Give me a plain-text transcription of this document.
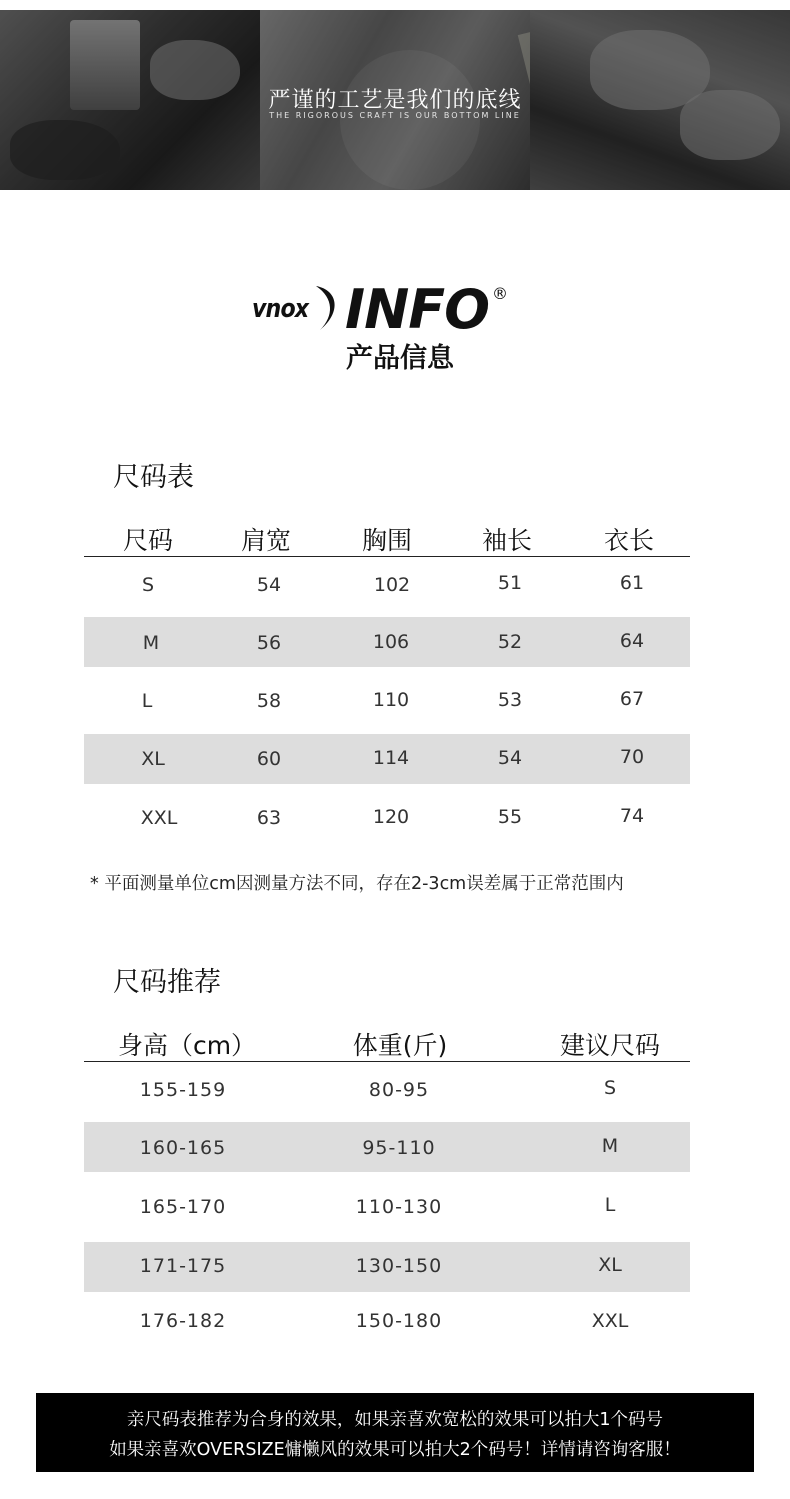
严谨的工艺是我们的底线
THE RIGOROUS CRAFT IS OUR BOTTOM LINE
vnox INFO ®
产品信息
尺码表
尺码	肩宽	胸围	袖长	衣长
S	54	102	51	61
M	56	106	52	64
L	58	110	53	67
XL	60	114	54	70
XXL	63	120	55	74
* 平面测量单位cm因测量方法不同，存在2-3cm误差属于正常范围内
尺码推荐
身高（cm）	体重(斤)	建议尺码
155-159	80-95	S
160-165	95-110	M
165-170	110-130	L
171-175	130-150	XL
176-182	150-180	XXL
亲尺码表推荐为合身的效果，如果亲喜欢宽松的效果可以拍大1个码号
如果亲喜欢OVERSIZE慵懒风的效果可以拍大2个码号！详情请咨询客服！
